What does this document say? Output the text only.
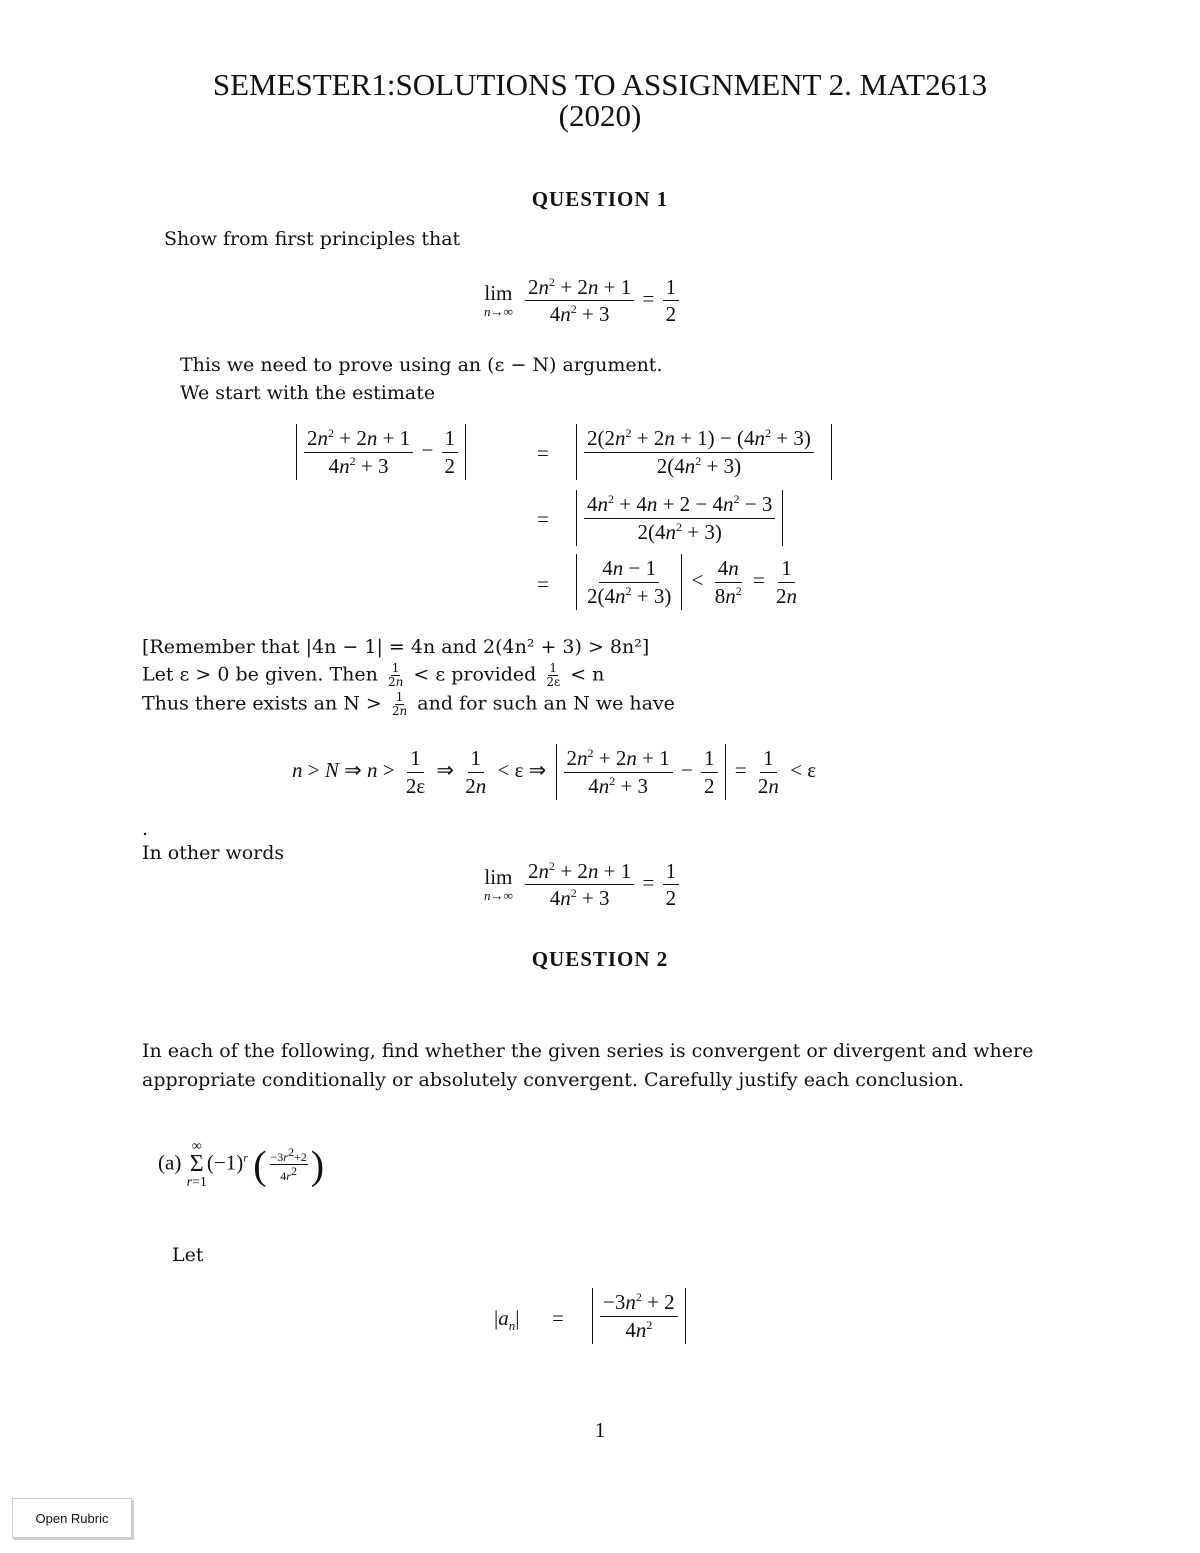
SEMESTER1:SOLUTIONS TO ASSIGNMENT 2. MAT2613
(2020)
QUESTION 1
Show from first principles that
lim
n→∞
$\frac{2n^2 + 2n + 1}{4n^2 + 3} = \frac{1}{2}$
This we need to prove using an (ε − N) argument.
We start with the estimate
$\frac{2n^2 + 2n + 1}{4n^2 + 3} - \frac{1}{2}$	= $\frac{2(2n^2 + 2n + 1) - (4n^2 + 3)}{2(4n^2 + 3)}$
= $\frac{4n^2 + 4n + 2 - 4n^2 - 3}{2(4n^2 + 3)}$
= $\frac{4n - 1}{2(4n^2 + 3)} < \frac{4n}{8n^2} = \frac{1}{2n}$
[Remember that |4n − 1| = 4n and 2(4n² + 3) > 8n²]
Let ε > 0 be given. Then $\frac{1}{2n} < \varepsilon$ provided $\frac{1}{2\varepsilon} < n$
Thus there exists an $N > \frac{1}{2n}$ and for such an N we have
n > N ⇒ $n > \frac{1}{2\varepsilon}$ ⇒ $\frac{1}{2n} < \varepsilon$ ⇒ $\frac{2n^2 + 2n + 1}{4n^2 + 3} - \frac{1}{2} = \frac{1}{2n} < \varepsilon$
.
In other words
lim
n→∞
$\frac{2n^2 + 2n + 1}{4n^2 + 3} = \frac{1}{2}$
QUESTION 2
In each of the following, find whether the given series is convergent or divergent and where
appropriate conditionally or absolutely convergent. Carefully justify each conclusion.
(a)
∞
Σ
r=1
$(-1)^r$ ( $\frac{-3r^2+2}{4r^2}$ )
Let
$|a_n| = \frac{-3n^2 + 2}{4n^2}$
1
Open Rubric
